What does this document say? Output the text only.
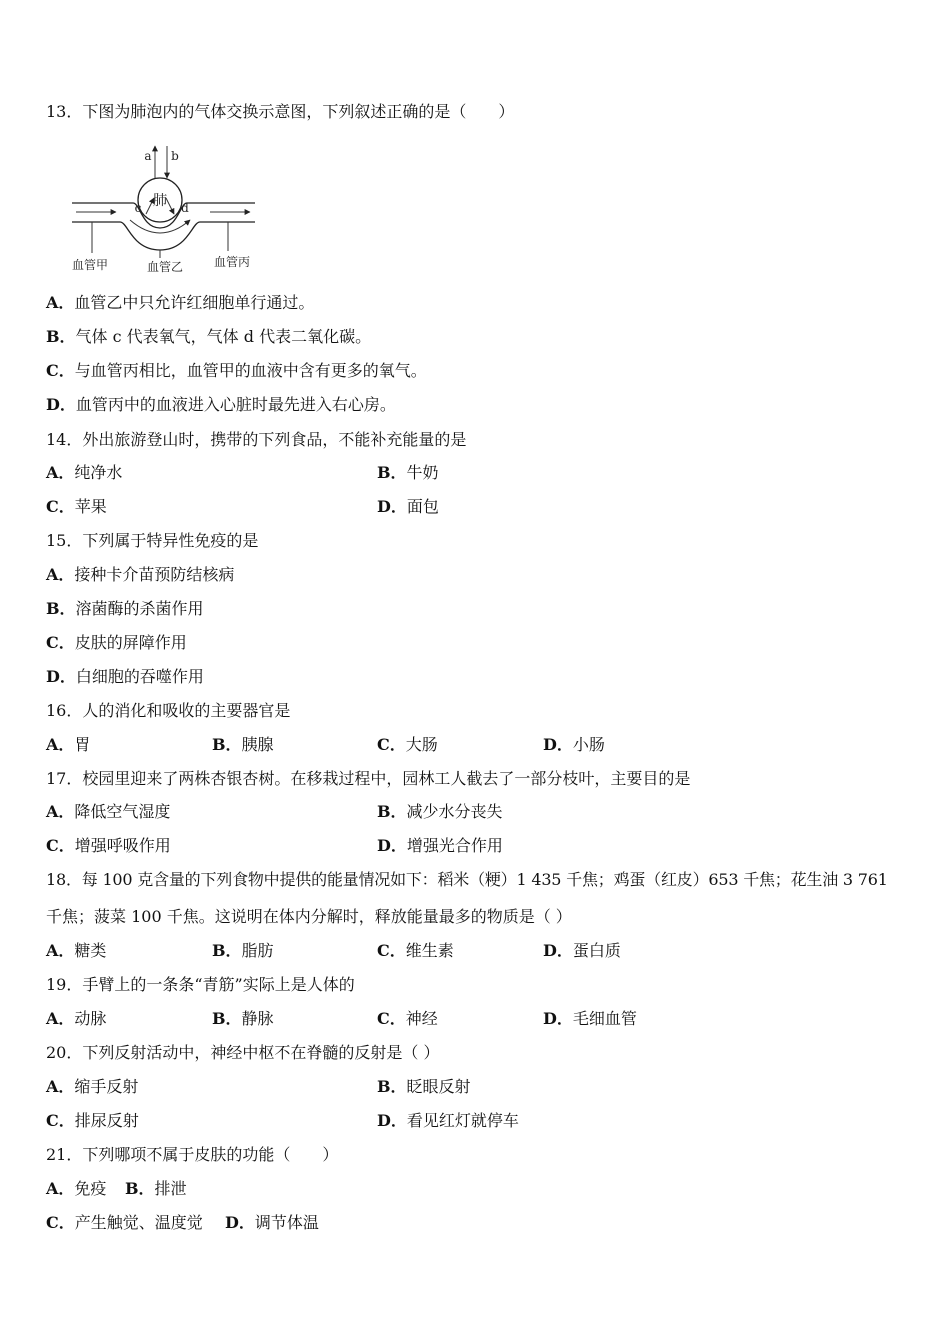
13．下图为肺泡内的气体交换示意图，下列叙述正确的是（　　）
肺
a b
c	d
血管甲	血管乙	血管丙
A．血管乙中只允许红细胞单行通过。
B．气体 c 代表氧气，气体 d 代表二氧化碳。
C．与血管丙相比，血管甲的血液中含有更多的氧气。
D．血管丙中的血液进入心脏时最先进入右心房。
14．外出旅游登山时，携带的下列食品，不能补充能量的是
A．纯净水	B．牛奶
C．苹果	D．面包
15．下列属于特异性免疫的是
A．接种卡介苗预防结核病
B．溶菌酶的杀菌作用
C．皮肤的屏障作用
D．白细胞的吞噬作用
16．人的消化和吸收的主要器官是
A．胃	B．胰腺	C．大肠	D．小肠
17．校园里迎来了两株杏银杏树。在移栽过程中，园林工人截去了一部分枝叶，主要目的是
A．降低空气湿度	B．减少水分丧失
C．增强呼吸作用	D．增强光合作用
18．每 100 克含量的下列食物中提供的能量情况如下：稻米（粳）1 435 千焦；鸡蛋（红皮）653 千焦；花生油 3 761
千焦；菠菜 100 千焦。这说明在体内分解时，释放能量最多的物质是（ ）
A．糖类	B．脂肪	C．维生素	D．蛋白质
19．手臂上的一条条“青筋”实际上是人体的
A．动脉	B．静脉	C．神经	D．毛细血管
20．下列反射活动中，神经中枢不在脊髓的反射是（ ）
A．缩手反射	B．眨眼反射
C．排尿反射	D．看见红灯就停车
21．下列哪项不属于皮肤的功能（　　）
A．免疫 B．排泄
C．产生触觉、温度觉 D．调节体温
